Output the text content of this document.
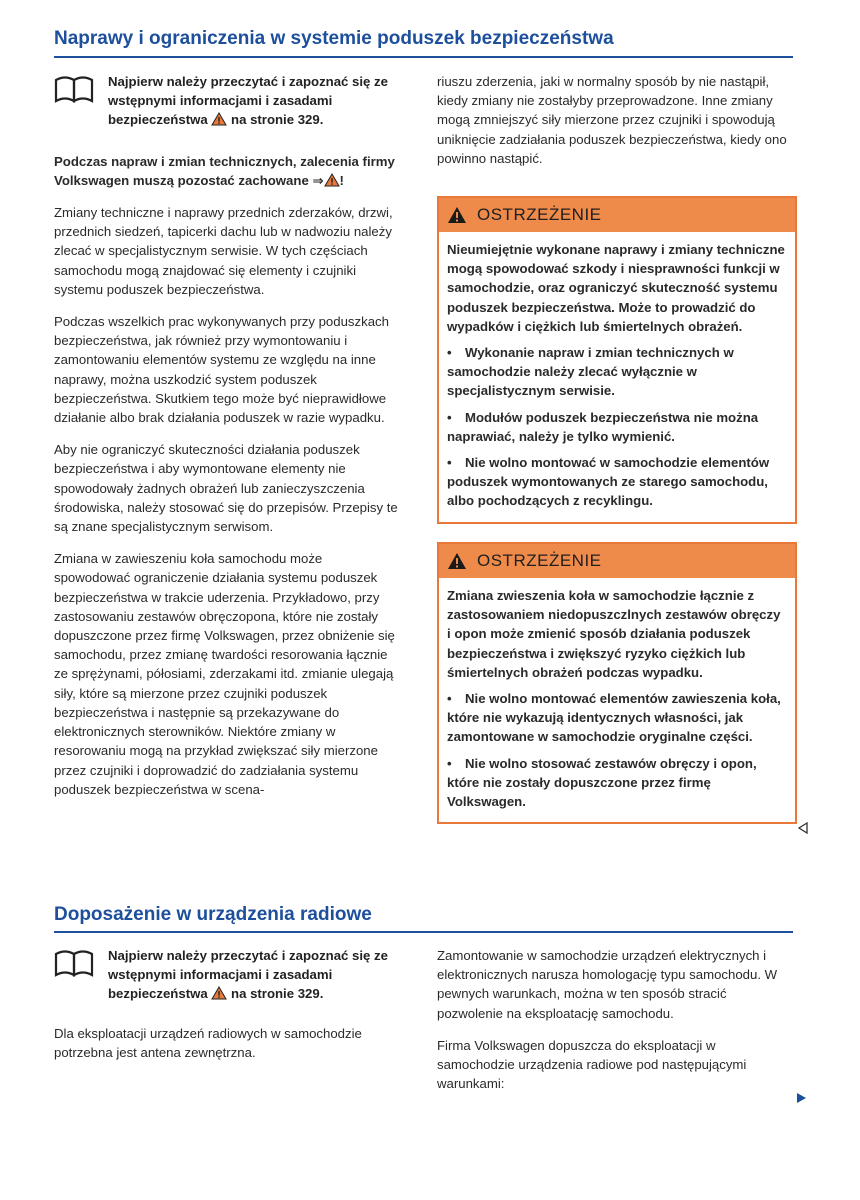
Naprawy i ograniczenia w systemie poduszek bezpieczeństwa
Najpierw należy przeczytać i zapoznać się ze wstępnymi informacjami i zasadami bezpieczeństwa na stronie 329.

Podczas napraw i zmian technicznych, zalecenia firmy Volkswagen muszą pozostać zachowane ⇒ !

Zmiany techniczne i naprawy przednich zderzaków, drzwi, przednich siedzeń, tapicerki dachu lub w nadwoziu należy zlecać w specjalistycznym serwisie. W tych częściach samochodu mogą znajdować się elementy i czujniki systemu poduszek bezpieczeństwa.

Podczas wszelkich prac wykonywanych przy poduszkach bezpieczeństwa, jak również przy wymontowaniu i zamontowaniu elementów systemu ze względu na inne naprawy, można uszkodzić system poduszek bezpieczeństwa. Skutkiem tego może być nieprawidłowe działanie albo brak działania poduszek w razie wypadku.

Aby nie ograniczyć skuteczności działania poduszek bezpieczeństwa i aby wymontowane elementy nie spowodowały żadnych obrażeń lub zanieczyszczenia środowiska, należy stosować się do przepisów. Przepisy te są znane specjalistycznym serwisom.

Zmiana w zawieszeniu koła samochodu może spowodować ograniczenie działania systemu poduszek bezpieczeństwa w trakcie uderzenia. Przykładowo, przy zastosowaniu zestawów obręczopona, które nie zostały dopuszczone przez firmę Volkswagen, przez obniżenie się samochodu, przez zmianę twardości resorowania łącznie ze sprężynami, półosiami, zderzakami itd. zmianie ulegają siły, które są mierzone przez czujniki poduszek bezpieczeństwa i następnie są przekazywane do elektronicznych sterowników. Niektóre zmiany w resorowaniu mogą na przykład zwiększać siły mierzone przez czujniki i doprowadzić do zadziałania systemu poduszek bezpieczeństwa w scena-

riuszu zderzenia, jaki w normalny sposób by nie nastąpił, kiedy zmiany nie zostałyby przeprowadzone. Inne zmiany mogą zmniejszyć siły mierzone przez czujniki i spowodują uniknięcie zadziałania poduszek bezpieczeństwa, kiedy ono powinno nastąpić.

OSTRZEŻENIE

Nieumiejętnie wykonane naprawy i zmiany techniczne mogą spowodować szkody i niesprawności funkcji w samochodzie, oraz ograniczyć skuteczność systemu poduszek bezpieczeństwa. Może to prowadzić do wypadków i ciężkich lub śmiertelnych obrażeń.

• Wykonanie napraw i zmian technicznych w samochodzie należy zlecać wyłącznie w specjalistycznym serwisie.

• Modułów poduszek bezpieczeństwa nie można naprawiać, należy je tylko wymienić.

• Nie wolno montować w samochodzie elementów poduszek wymontowanych ze starego samochodu, albo pochodzących z recyklingu.

OSTRZEŻENIE

Zmiana zwieszenia koła w samochodzie łącznie z zastosowaniem niedopuszczlnych zestawów obręczy i opon może zmienić sposób działania poduszek bezpieczeństwa i zwiększyć ryzyko ciężkich lub śmiertelnych obrażeń podczas wypadku.

• Nie wolno montować elementów zawieszenia koła, które nie wykazują identycznych własności, jak zamontowane w samochodzie oryginalne części.

• Nie wolno stosować zestawów obręczy i opon, które nie zostały dopuszczone przez firmę Volkswagen.

Doposażenie w urządzenia radiowe
Najpierw należy przeczytać i zapoznać się ze wstępnymi informacjami i zasadami bezpieczeństwa na stronie 329.

Dla eksploatacji urządzeń radiowych w samochodzie potrzebna jest antena zewnętrzna.

Zamontowanie w samochodzie urządzeń elektrycznych i elektronicznych narusza homologację typu samochodu. W pewnych warunkach, można w ten sposób stracić pozwolenie na eksploatację samochodu.

Firma Volkswagen dopuszcza do eksploatacji w samochodzie urządzenia radiowe pod następującymi warunkami:
